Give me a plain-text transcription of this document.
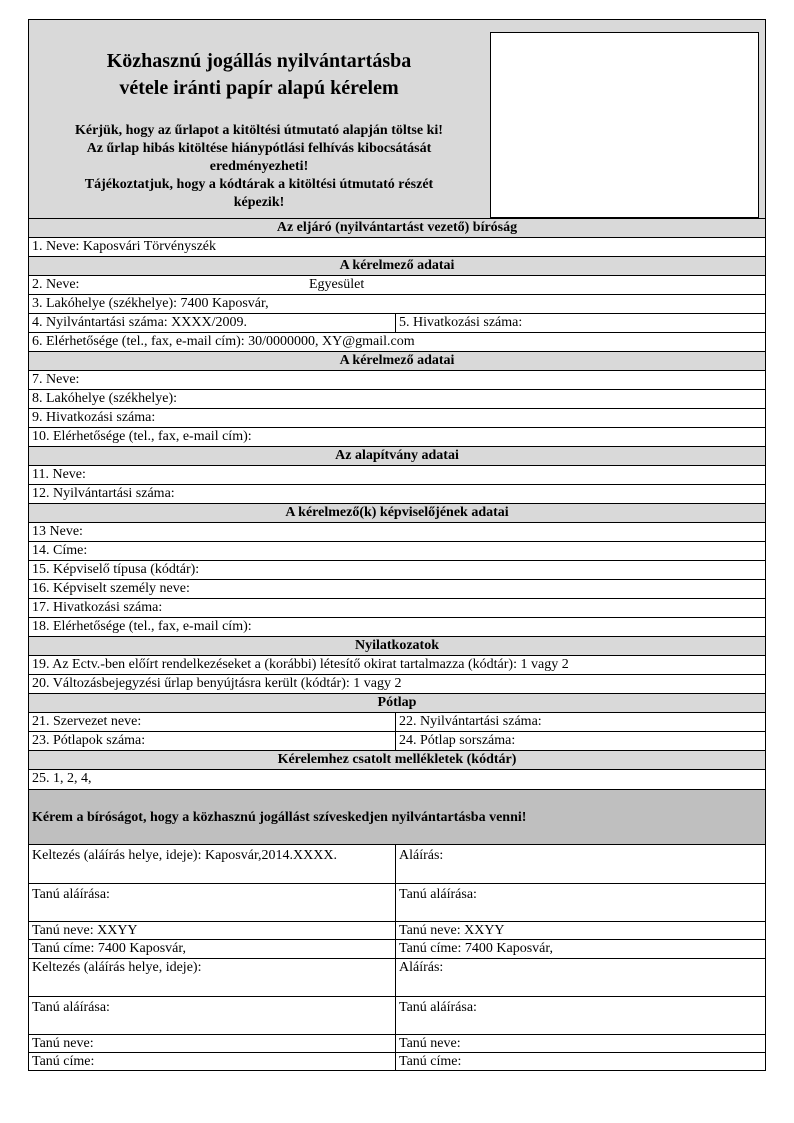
Közhasznú jogállás nyilvántartásba
vétele iránti papír alapú kérelem
Kérjük, hogy az űrlapot a kitöltési útmutató alapján töltse ki!
Az űrlap hibás kitöltése hiánypótlási felhívás kibocsátását
eredményezheti!
Tájékoztatjuk, hogy a kódtárak a kitöltési útmutató részét
képezik!
Az eljáró (nyilvántartást vezető) bíróság
1. Neve: Kaposvári Törvényszék
A kérelmező adatai
2. Neve:	Egyesület
3. Lakóhelye (székhelye): 7400 Kaposvár,
4. Nyilvántartási száma: XXXX/2009.	5. Hivatkozási száma:
6. Elérhetősége (tel., fax, e-mail cím): 30/0000000, XY@gmail.com
A kérelmező adatai
7. Neve:
8. Lakóhelye (székhelye):
9. Hivatkozási száma:
10. Elérhetősége (tel., fax, e-mail cím):
Az alapítvány adatai
11. Neve:
12. Nyilvántartási száma:
A kérelmező(k) képviselőjének adatai
13 Neve:
14. Címe:
15. Képviselő típusa (kódtár):
16. Képviselt személy neve:
17. Hivatkozási száma:
18. Elérhetősége (tel., fax, e-mail cím):
Nyilatkozatok
19. Az Ectv.-ben előírt rendelkezéseket a (korábbi) létesítő okirat tartalmazza (kódtár): 1 vagy 2
20. Változásbejegyzési űrlap benyújtásra került (kódtár): 1 vagy 2
Pótlap
21. Szervezet neve:	22. Nyilvántartási száma:
23. Pótlapok száma:	24. Pótlap sorszáma:
Kérelemhez csatolt mellékletek (kódtár)
25. 1, 2, 4,
Kérem a bíróságot, hogy a közhasznú jogállást szíveskedjen nyilvántartásba venni!
Keltezés (aláírás helye, ideje): Kaposvár,2014.XXXX.	Aláírás:
Tanú aláírása:	Tanú aláírása:
Tanú neve: XXYY	Tanú neve: XXYY
Tanú címe: 7400 Kaposvár,	Tanú címe: 7400 Kaposvár,
Keltezés (aláírás helye, ideje):	Aláírás:
Tanú aláírása:	Tanú aláírása:
Tanú neve:	Tanú neve:
Tanú címe:	Tanú címe:
